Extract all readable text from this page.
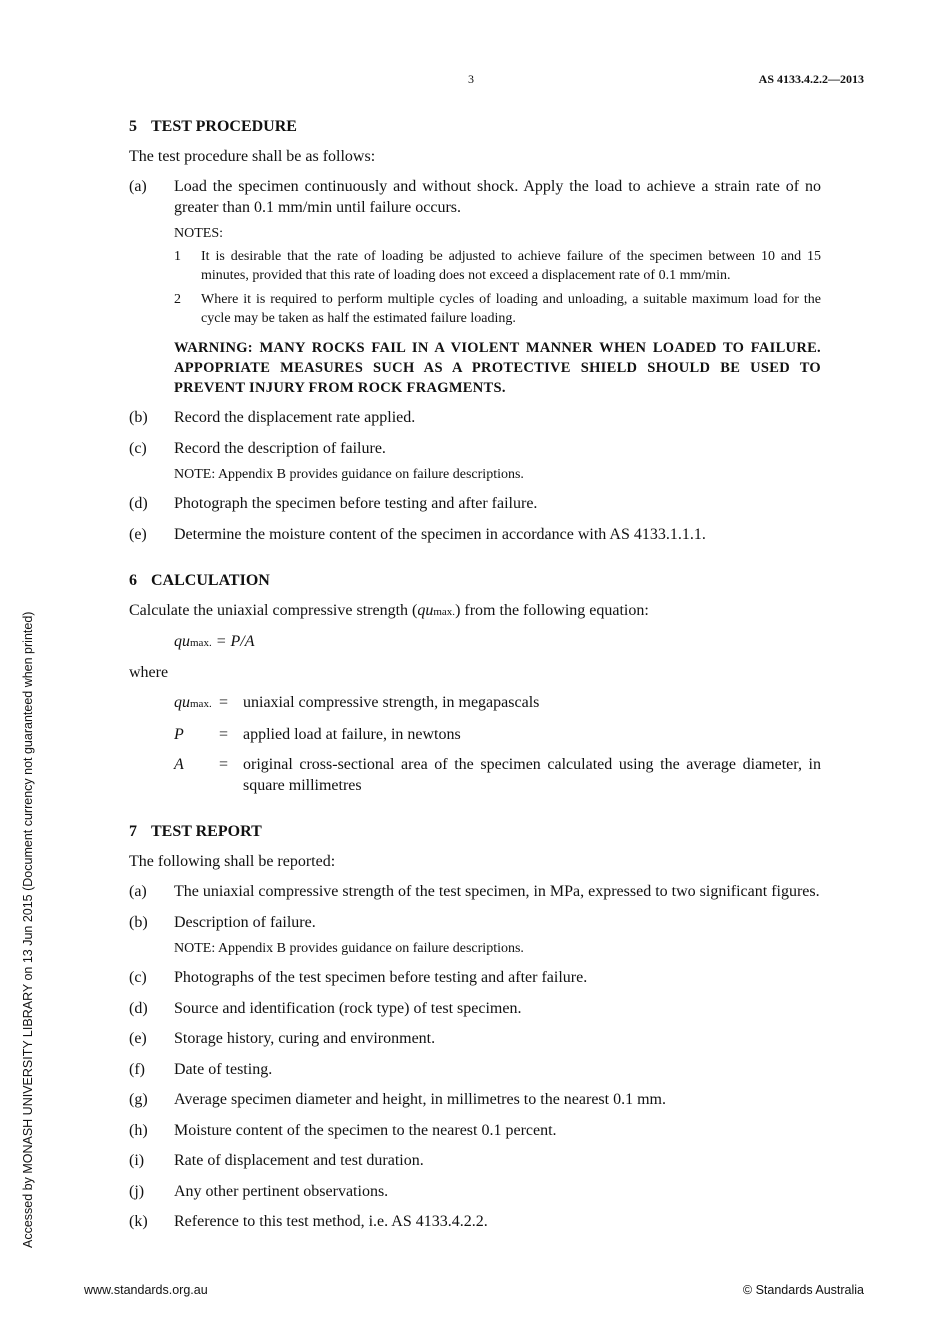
3	AS 4133.4.2.2—2013
Accessed by MONASH UNIVERSITY LIBRARY on 13 Jun 2015 (Document currency not guaranteed when printed)
5 TEST PROCEDURE
The test procedure shall be as follows:
(a)	Load the specimen continuously and without shock. Apply the load to achieve a strain rate of no greater than 0.1 mm/min until failure occurs.
NOTES:
1	It is desirable that the rate of loading be adjusted to achieve failure of the specimen between 10 and 15 minutes, provided that this rate of loading does not exceed a displacement rate of 0.1 mm/min.
2	Where it is required to perform multiple cycles of loading and unloading, a suitable maximum load for the cycle may be taken as half the estimated failure loading.
WARNING: MANY ROCKS FAIL IN A VIOLENT MANNER WHEN LOADED TO FAILURE. APPOPRIATE MEASURES SUCH AS A PROTECTIVE SHIELD SHOULD BE USED TO PREVENT INJURY FROM ROCK FRAGMENTS.
(b)	Record the displacement rate applied.
(c)	Record the description of failure.
NOTE: Appendix B provides guidance on failure descriptions.
(d)	Photograph the specimen before testing and after failure.
(e)	Determine the moisture content of the specimen in accordance with AS 4133.1.1.1.
6 CALCULATION
Calculate the uniaxial compressive strength (qumax.) from the following equation:
qumax. = P/A
where
qumax. = uniaxial compressive strength, in megapascals
P	= applied load at failure, in newtons
A	= original cross-sectional area of the specimen calculated using the average diameter, in square millimetres
7 TEST REPORT
The following shall be reported:
(a)	The uniaxial compressive strength of the test specimen, in MPa, expressed to two significant figures.
(b)	Description of failure.
NOTE: Appendix B provides guidance on failure descriptions.
(c)	Photographs of the test specimen before testing and after failure.
(d)	Source and identification (rock type) of test specimen.
(e)	Storage history, curing and environment.
(f)	Date of testing.
(g)	Average specimen diameter and height, in millimetres to the nearest 0.1 mm.
(h)	Moisture content of the specimen to the nearest 0.1 percent.
(i)	Rate of displacement and test duration.
(j)	Any other pertinent observations.
(k)	Reference to this test method, i.e. AS 4133.4.2.2.
www.standards.org.au	© Standards Australia
